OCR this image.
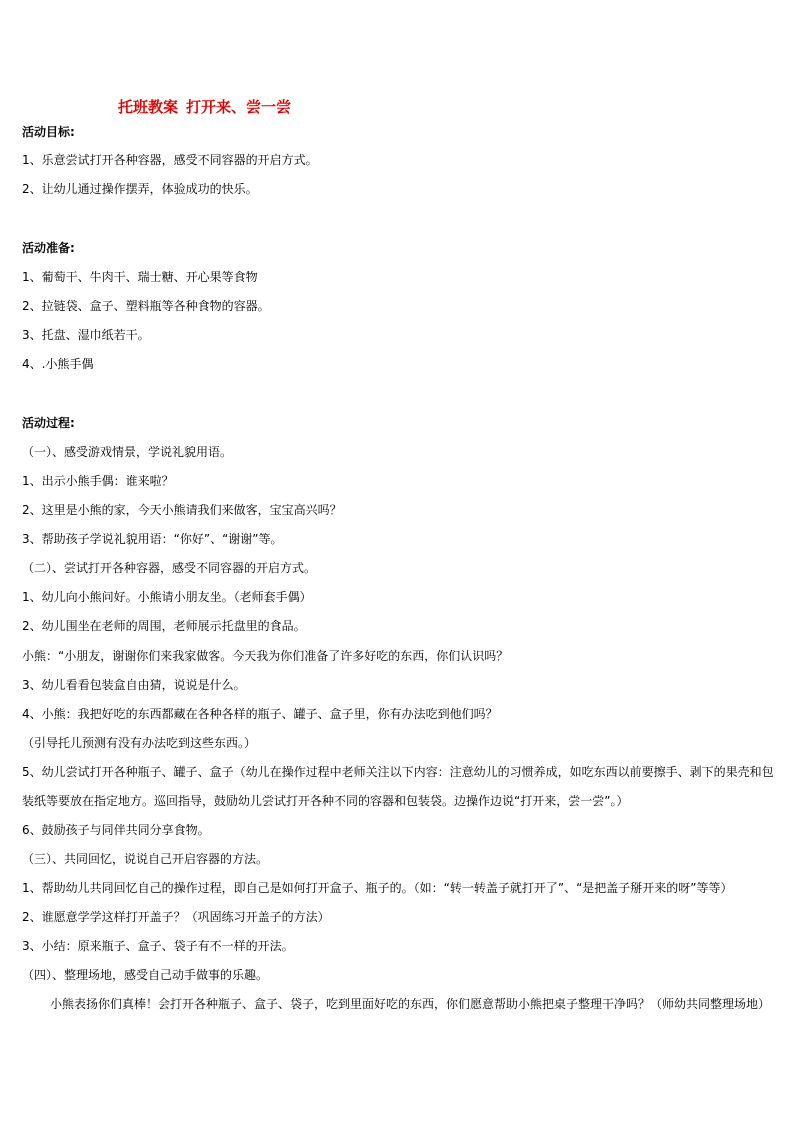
托班教案 打开来、尝一尝
活动目标:
1、乐意尝试打开各种容器，感受不同容器的开启方式。
2、让幼儿通过操作摆弄，体验成功的快乐。
活动准备:
1、葡萄干、牛肉干、瑞士糖、开心果等食物
2、拉链袋、盒子、塑料瓶等各种食物的容器。
3、托盘、湿巾纸若干。
4、.小熊手偶
活动过程:
（一）、感受游戏情景，学说礼貌用语。
1、出示小熊手偶：谁来啦？
2、这里是小熊的家，今天小熊请我们来做客，宝宝高兴吗？
3、帮助孩子学说礼貌用语：“你好”、“谢谢”等。
（二）、尝试打开各种容器，感受不同容器的开启方式。
1、幼儿向小熊问好。小熊请小朋友坐。（老师套手偶）
2、幼儿围坐在老师的周围，老师展示托盘里的食品。
小熊：“小朋友，谢谢你们来我家做客。今天我为你们准备了许多好吃的东西，你们认识吗？
3、幼儿看看包装盒自由猜，说说是什么。
4、小熊：我把好吃的东西都藏在各种各样的瓶子、罐子、盒子里，你有办法吃到他们吗？
（引导托儿预测有没有办法吃到这些东西。）
5、幼儿尝试打开各种瓶子、罐子、盒子（幼儿在操作过程中老师关注以下内容：注意幼儿的习惯养成，如吃东西以前要擦手、剥下的果壳和包装纸等要放在指定地方。巡回指导，鼓励幼儿尝试打开各种不同的容器和包装袋。边操作边说“打开来，尝一尝”。）
6、鼓励孩子与同伴共同分享食物。
（三）、共同回忆，说说自己开启容器的方法。
1、帮助幼儿共同回忆自己的操作过程，即自己是如何打开盒子、瓶子的。（如：“转一转盖子就打开了”、“是把盖子掰开来的呀”等等）
2、谁愿意学学这样打开盖子？（巩固练习开盖子的方法）
3、小结：原来瓶子、盒子、袋子有不一样的开法。
（四）、整理场地，感受自己动手做事的乐趣。
小熊表扬你们真棒！会打开各种瓶子、盒子、袋子，吃到里面好吃的东西，你们愿意帮助小熊把桌子整理干净吗？（师幼共同整理场地）
